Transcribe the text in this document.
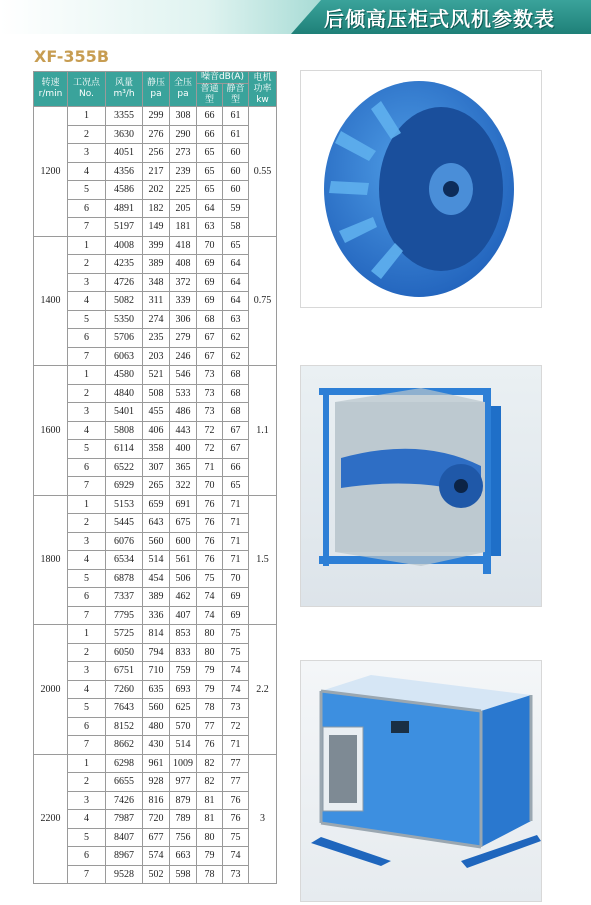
后倾高压柜式风机参数表
XF-355B
转速
r/min	工况点
No.	风量
m³/h	静压
pa	全压
pa	噪音dB(A)		电机
功率kw
					普通型	静音型	
1200	1	3355	299	308	66	61	0.55
	2	3630	276	290	66	61	
	3	4051	256	273	65	60	
	4	4356	217	239	65	60	
	5	4586	202	225	65	60	
	6	4891	182	205	64	59	
	7	5197	149	181	63	58	
1400	1	4008	399	418	70	65	0.75
	2	4235	389	408	69	64	
	3	4726	348	372	69	64	
	4	5082	311	339	69	64	
	5	5350	274	306	68	63	
	6	5706	235	279	67	62	
	7	6063	203	246	67	62	
1600	1	4580	521	546	73	68	1.1
	2	4840	508	533	73	68	
	3	5401	455	486	73	68	
	4	5808	406	443	72	67	
	5	6114	358	400	72	67	
	6	6522	307	365	71	66	
	7	6929	265	322	70	65	
1800	1	5153	659	691	76	71	1.5
	2	5445	643	675	76	71	
	3	6076	560	600	76	71	
	4	6534	514	561	76	71	
	5	6878	454	506	75	70	
	6	7337	389	462	74	69	
	7	7795	336	407	74	69	
2000	1	5725	814	853	80	75	2.2
	2	6050	794	833	80	75	
	3	6751	710	759	79	74	
	4	7260	635	693	79	74	
	5	7643	560	625	78	73	
	6	8152	480	570	77	72	
	7	8662	430	514	76	71	
2200	1	6298	961	1009	82	77	3
	2	6655	928	977	82	77	
	3	7426	816	879	81	76	
	4	7987	720	789	81	76	
	5	8407	677	756	80	75	
	6	8967	574	663	79	74	
	7	9528	502	598	78	73	
